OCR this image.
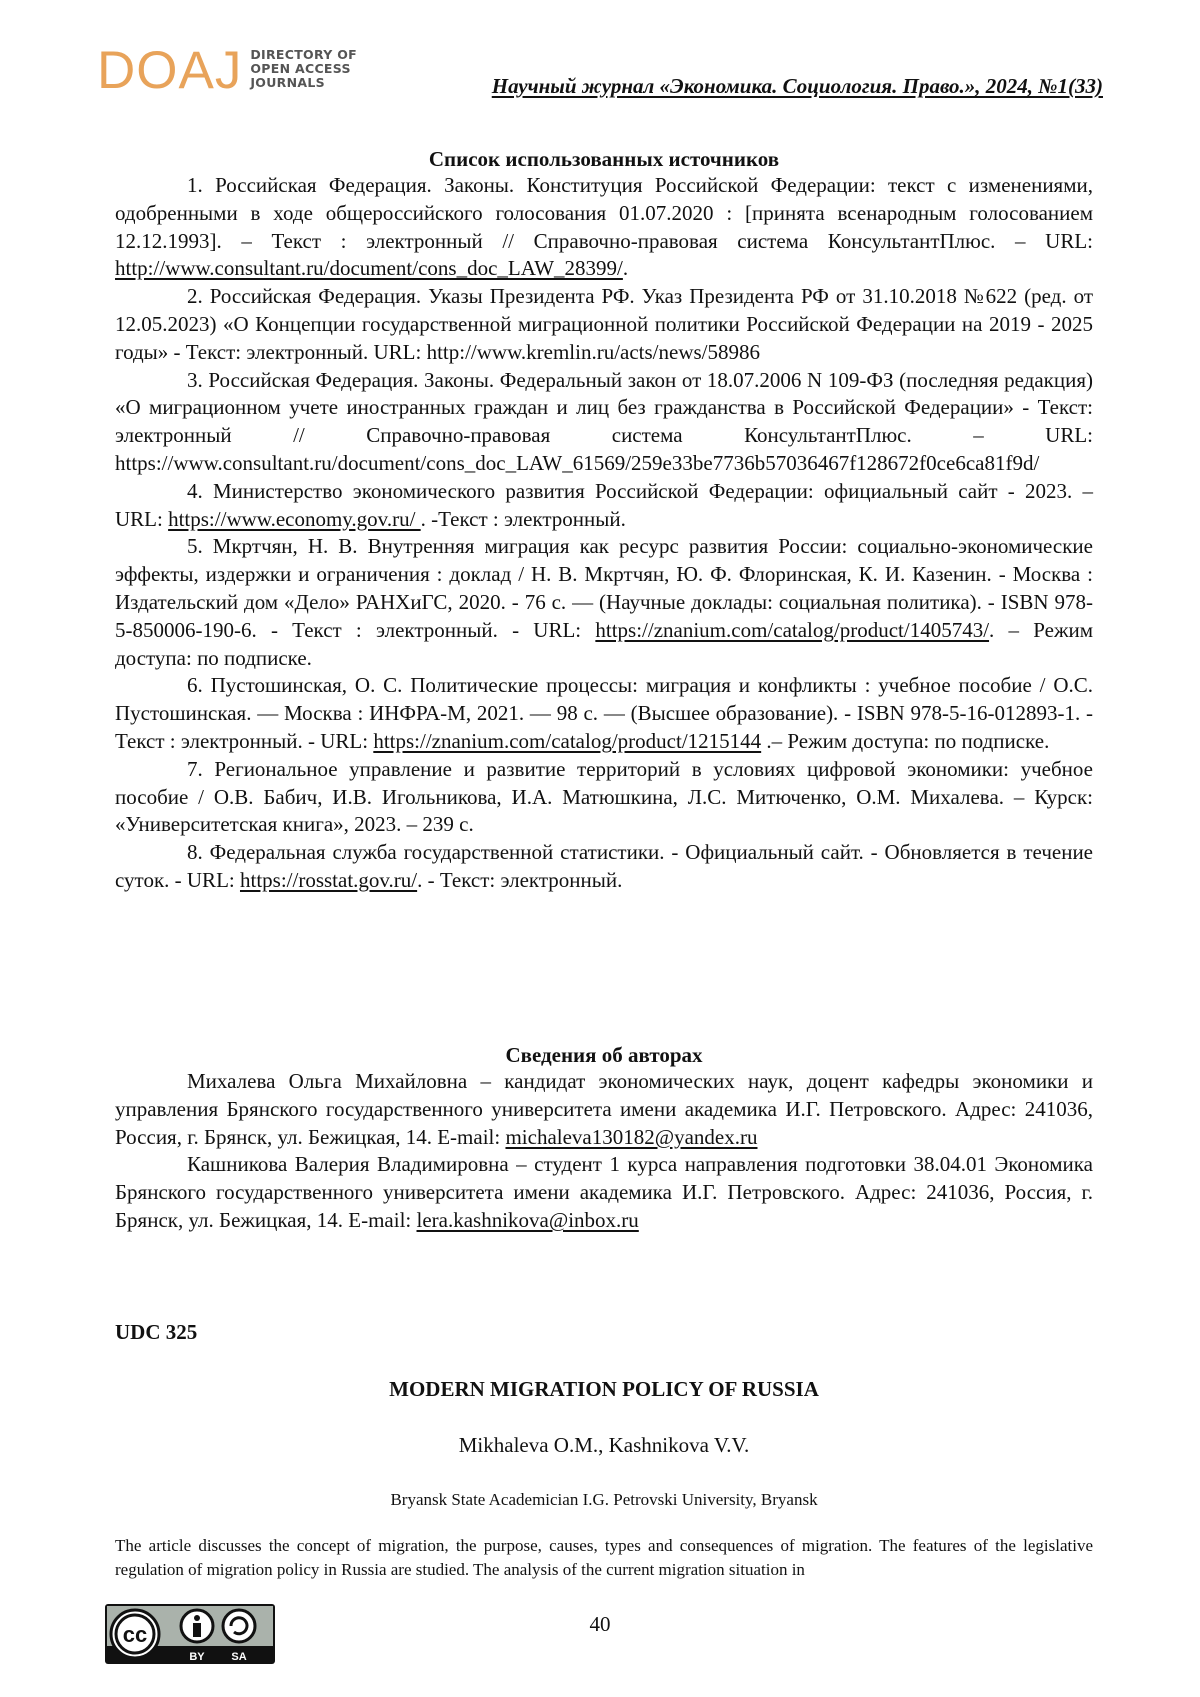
DOAJ DIRECTORY OF
OPEN ACCESS
JOURNALS	Научный журнал «Экономика. Социология. Право.», 2024, №1(33)

Список использованных источников

1. Российская Федерация. Законы. Конституция Российской Федерации: текст с изменениями, одобренными в ходе общероссийского голосования 01.07.2020 : [принята всенародным голосованием 12.12.1993]. – Текст : электронный // Справочно-правовая система КонсультантПлюс. – URL: http://www.consultant.ru/document/cons_doc_LAW_28399/.

2. Российская Федерация. Указы Президента РФ. Указ Президента РФ от 31.10.2018 №622 (ред. от 12.05.2023) «О Концепции государственной миграционной политики Российской Федерации на 2019 - 2025 годы» - Текст: электронный. URL: http://www.kremlin.ru/acts/news/58986

3. Российская Федерация. Законы. Федеральный закон от 18.07.2006 N 109-ФЗ (последняя редакция) «О миграционном учете иностранных граждан и лиц без гражданства в Российской Федерации» - Текст: электронный // Справочно-правовая система КонсультантПлюс. – URL: https://www.consultant.ru/document/cons_doc_LAW_61569/259e33be7736b57036467f128672f0ce6ca81f9d/

4. Министерство экономического развития Российской Федерации: официальный сайт - 2023. – URL: https://www.economy.gov.ru/ . -Текст : электронный.

5. Мкртчян, Н. В. Внутренняя миграция как ресурс развития России: социально-экономические эффекты, издержки и ограничения : доклад / Н. В. Мкртчян, Ю. Ф. Флоринская, К. И. Казенин. - Москва : Издательский дом «Дело» РАНХиГС, 2020. - 76 с. — (Научные доклады: социальная политика). - ISBN 978-5-850006-190-6. - Текст : электронный. - URL: https://znanium.com/catalog/product/1405743/. – Режим доступа: по подписке.

6. Пустошинская, О. С. Политические процессы: миграция и конфликты : учебное пособие / О.С. Пустошинская. — Москва : ИНФРА-М, 2021. — 98 с. — (Высшее образование). - ISBN 978-5-16-012893-1. - Текст : электронный. - URL: https://znanium.com/catalog/product/1215144 .– Режим доступа: по подписке.

7. Региональное управление и развитие территорий в условиях цифровой экономики: учебное пособие / О.В. Бабич, И.В. Игольникова, И.А. Матюшкина, Л.С. Митюченко, О.М. Михалева. – Курск: «Университетская книга», 2023. – 239 с.

8. Федеральная служба государственной статистики. - Официальный сайт. - Обновляется в течение суток. - URL: https://rosstat.gov.ru/. - Текст: электронный.

Сведения об авторах

Михалева Ольга Михайловна – кандидат экономических наук, доцент кафедры экономики и управления Брянского государственного университета имени академика И.Г. Петровского. Адрес: 241036, Россия, г. Брянск, ул. Бежицкая, 14. E-mail: michaleva130182@yandex.ru

Кашникова Валерия Владимировна – студент 1 курса направления подготовки 38.04.01 Экономика Брянского государственного университета имени академика И.Г. Петровского. Адрес: 241036, Россия, г. Брянск, ул. Бежицкая, 14. E-mail: lera.kashnikova@inbox.ru

UDC 325
MODERN MIGRATION POLICY OF RUSSIA
Mikhaleva O.M., Kashnikova V.V.
Bryansk State Academician I.G. Petrovski University, Bryansk

The article discusses the concept of migration, the purpose, causes, types and consequences of migration. The features of the legislative regulation of migration policy in Russia are studied. The analysis of the current migration situation in

cc
BY SA
40
